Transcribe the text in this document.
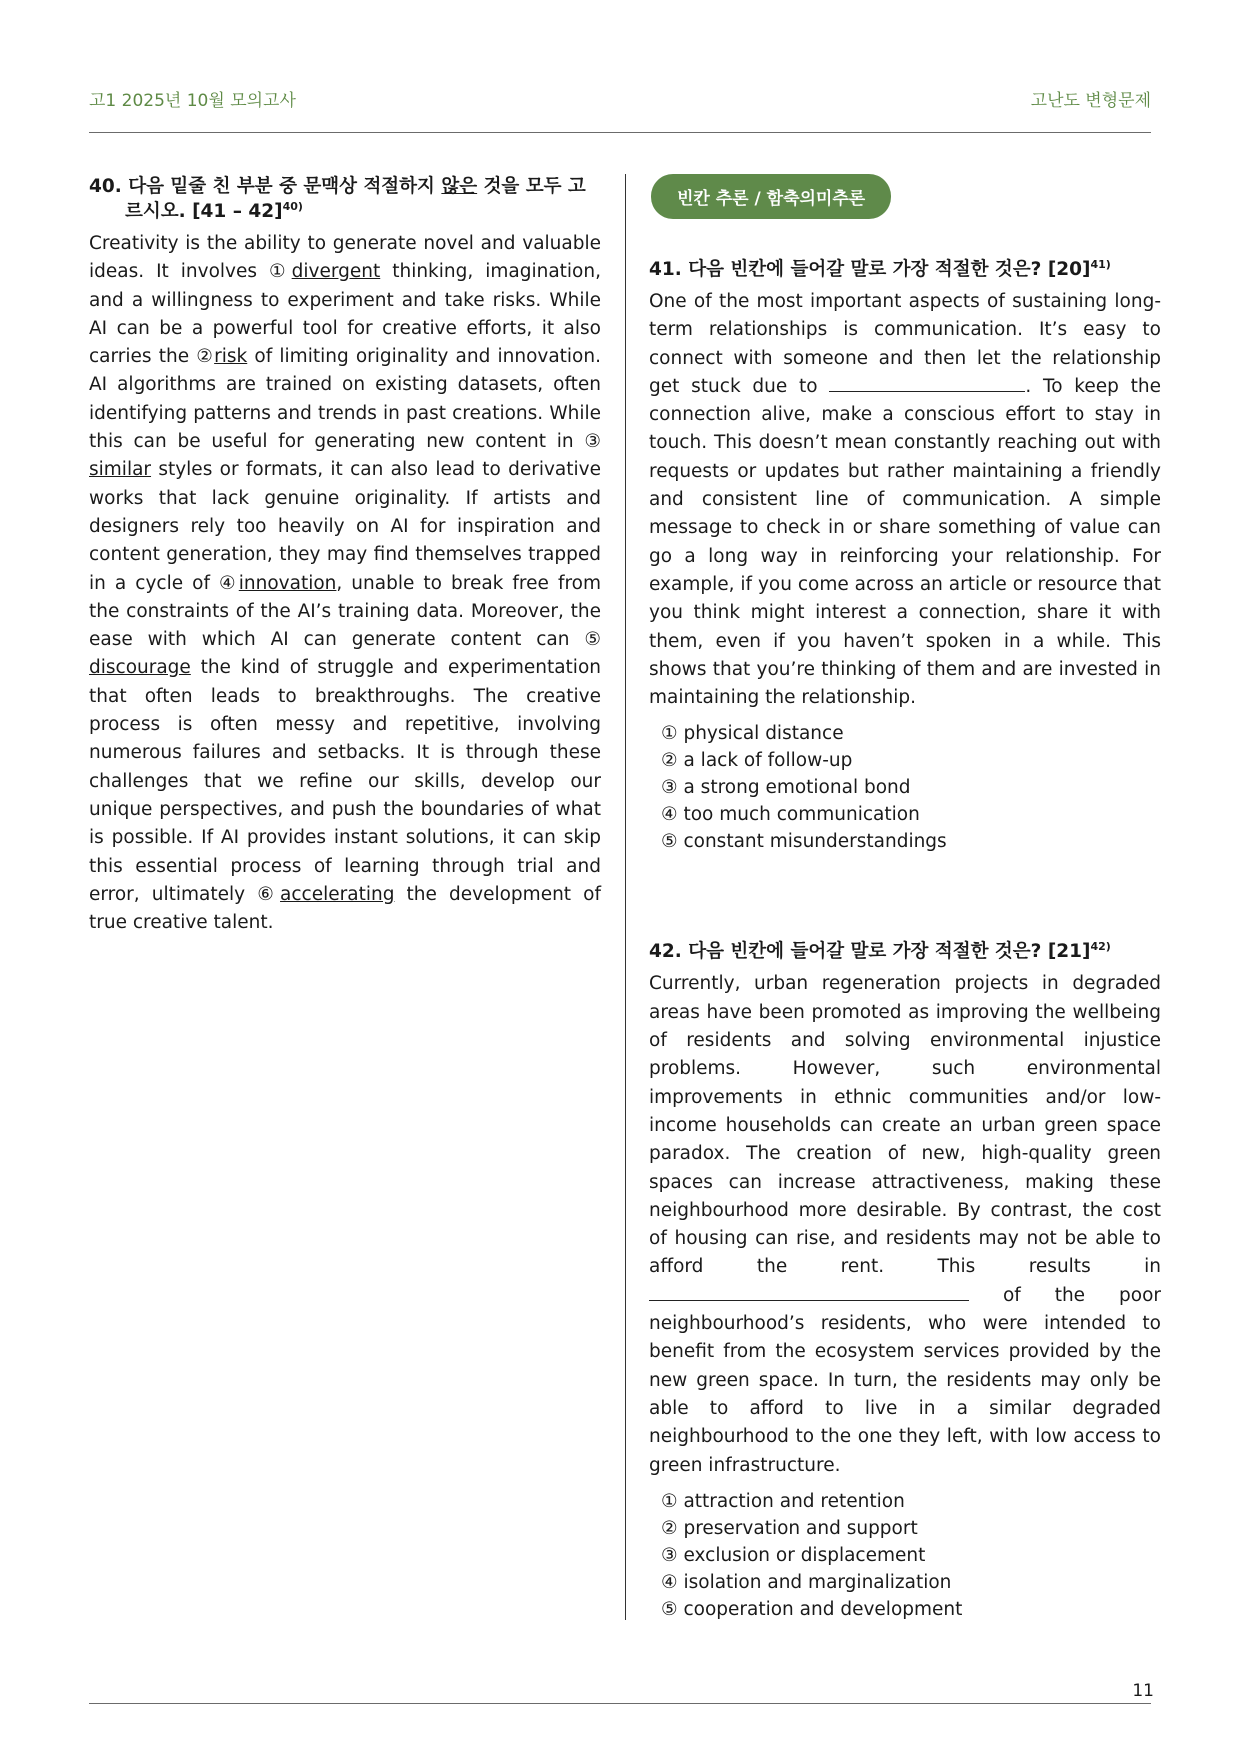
고1 2025년 10월 모의고사	고난도 변형문제

40. 다음 밑줄 친 부분 중 문맥상 적절하지 않은 것을 모두 고
르시오. [41 – 42]$^{40)}$

Creativity is the ability to generate novel and valuable ideas. It involves ①divergent thinking, imagination, and a willingness to experiment and take risks. While AI can be a powerful tool for creative efforts, it also carries the ②risk of limiting originality and innovation. AI algorithms are trained on existing datasets, often identifying patterns and trends in past creations. While this can be useful for generating new content in ③ similar styles or formats, it can also lead to derivative works that lack genuine originality. If artists and designers rely too heavily on AI for inspiration and content generation, they may find themselves trapped in a cycle of ④innovation, unable to break free from the constraints of the AI’s training data. Moreover, the ease with which AI can generate content can ⑤ discourage the kind of struggle and experimentation that often leads to breakthroughs. The creative process is often messy and repetitive, involving numerous failures and setbacks. It is through these challenges that we refine our skills, develop our unique perspectives, and push the boundaries of what is possible. If AI provides instant solutions, it can skip this essential process of learning through trial and error, ultimately ⑥accelerating the development of true creative talent.

빈칸 추론 / 함축의미추론

41. 다음 빈칸에 들어갈 말로 가장 적절한 것은? $[20]^{41)}$

One of the most important aspects of sustaining long‐term relationships is communication. It’s easy to connect with someone and then let the relationship get stuck due to	. To keep the connection alive, make a conscious effort to stay in touch. This doesn’t mean constantly reaching out with requests or updates but rather maintaining a friendly and consistent line of communication. A simple message to check in or share something of value can go a long way in reinforcing your relationship. For example, if you come across an article or resource that you think might interest a connection, share it with them, even if you haven’t spoken in a while. This shows that you’re thinking of them and are invested in maintaining the relationship.

① physical distance
② a lack of follow‐up
③ a strong emotional bond
④ too much communication
⑤ constant misunderstandings

42. 다음 빈칸에 들어갈 말로 가장 적절한 것은? $[21]^{42)}$

Currently, urban regeneration projects in degraded areas have been promoted as improving the wellbeing of residents and solving environmental injustice problems. However, such environmental improvements in ethnic communities and/or low‐income households can create an urban green space paradox. The creation of new, high‐quality green spaces can increase attractiveness, making these neighbourhood more desirable. By contrast, the cost of housing can rise, and residents may not be able to afford the rent. This results in  of the poor neighbourhood’s residents, who were intended to benefit from the ecosystem services provided by the new green space. In turn, the residents may only be able to afford to live in a similar degraded neighbourhood to the one they left, with low access to green infrastructure.

① attraction and retention
② preservation and support
③ exclusion or displacement
④ isolation and marginalization
⑤ cooperation and development
11
